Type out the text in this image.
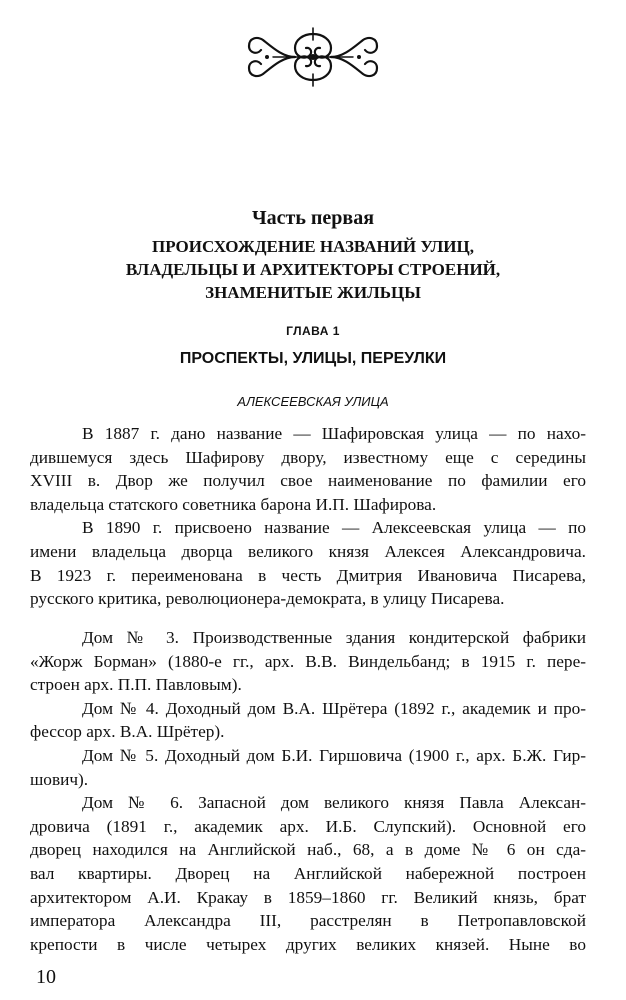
Часть первая
ПРОИСХОЖДЕНИЕ НАЗВАНИЙ УЛИЦ,
ВЛАДЕЛЬЦЫ И АРХИТЕКТОРЫ СТРОЕНИЙ,
ЗНАМЕНИТЫЕ ЖИЛЬЦЫ
ГЛАВА 1
ПРОСПЕКТЫ, УЛИЦЫ, ПЕРЕУЛКИ
АЛЕКСЕЕВСКАЯ УЛИЦА

В 1887 г. дано название — Шафировская улица — по нахо-
дившемуся здесь Шафирову двору, известному еще с середины
XVIII в. Двор же получил свое наименование по фамилии его
владельца статского советника барона И.П. Шафирова.

В 1890 г. присвоено название — Алексеевская улица — по
имени владельца дворца великого князя Алексея Александровича.
В 1923 г. переименована в честь Дмитрия Ивановича Писарева,
русского критика, революционера-демократа, в улицу Писарева.

Дом № 3. Производственные здания кондитерской фабрики
«Жорж Борман» (1880-е гг., арх. В.В. Виндельбанд; в 1915 г. пере-
строен арх. П.П. Павловым).

Дом № 4. Доходный дом В.А. Шрётера (1892 г., академик и про-
фессор арх. В.А. Шрётер).

Дом № 5. Доходный дом Б.И. Гиршовича (1900 г., арх. Б.Ж. Гир-
шович).

Дом № 6. Запасной дом великого князя Павла Алексан-
дровича (1891 г., академик арх. И.Б. Слупский). Основной его
дворец находился на Английской наб., 68, а в доме № 6 он сдa-
вал квартиры. Дворец на Английской набережной построен
архитектором А.И. Кракау в 1859–1860 гг. Великий князь, брат
императора Александра III, расстрелян в Петропавловской
крепости в числе четырех других великих князей. Ныне во

10
